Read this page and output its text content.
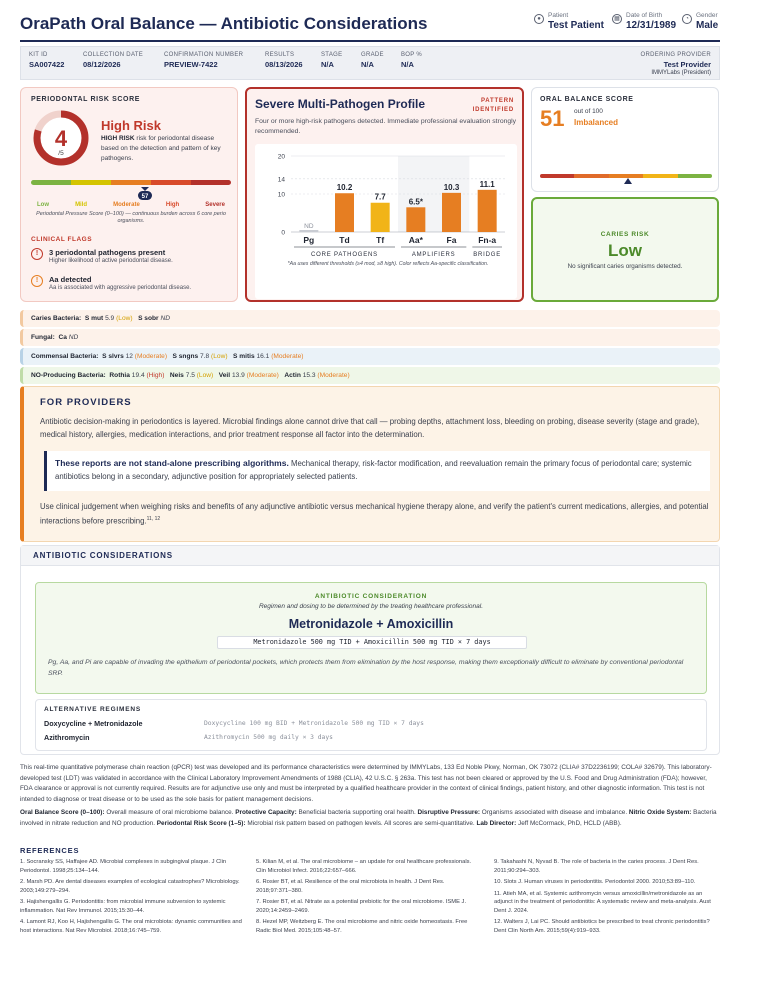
OraPath Oral Balance — Antibiotic Considerations	●	Patient
Test Patient
▦ Date of Birth
12/31/1989
◔	Gender
Male
KIT ID
SA007422
COLLECTION DATE
08/12/2026
CONFIRMATION NUMBER
PREVIEW-7422
RESULTS
08/13/2026
STAGE
N/A
GRADE
N/A
BOP %
N/A
ORDERING PROVIDER
Test Provider
IMMYLabs (President)
PERIODONTAL RISK SCORE
4
/5
High Risk
HIGH RISK risk for periodontal disease based on the detection and pattern of key pathogens.
57
Low	Mild	Moderate	High	Severe
Periodontal Pressure Score (0–100) — continuous burden across 6 core perio organisms.
CLINICAL FLAGS
!	3 periodontal pathogens present
Higher likelihood of active periodontal disease.
!	Aa detected
Aa is associated with aggressive periodontal disease.
Severe Multi-Pathogen Profile	PATTERN
IDENTIFIED
Four or more high-risk pathogens detected. Immediate professional evaluation strongly recommended.
0
10
14
20
ND
Pg
10.2
Td
7.7
Tf
6.5*
Aa*
10.3
Fa
11.1
Fn-a
CORE PATHOGENS	AMPLIFIERS	BRIDGE
*Aa uses different thresholds (≥4 mod, ≥8 high). Color reflects Aa-specific classification.
ORAL BALANCE SCORE
51 out of 100
Imbalanced
CARIES RISK
Low
No significant caries organisms detected.
Caries Bacteria: S mut 5.9 (Low) S sobr ND
Fungal: Ca ND
Commensal Bacteria: S slvrs 12 (Moderate) S sngns 7.8 (Low) S mitis 16.1 (Moderate)
NO-Producing Bacteria: Rothia 19.4 (High) Neis 7.5 (Low) Veil 13.9 (Moderate) Actin 15.3 (Moderate)
FOR PROVIDERS
Antibiotic decision-making in periodontics is layered. Microbial findings alone cannot drive that call — probing depths, attachment loss, bleeding on probing, disease severity (stage and grade), medical history, allergies, medication interactions, and prior treatment response all factor into the determination.
These reports are not stand-alone prescribing algorithms. Mechanical therapy, risk-factor modification, and reevaluation remain the primary focus of periodontal care; systemic antibiotics belong in a secondary, adjunctive position for appropriately selected patients.
Use clinical judgement when weighing risks and benefits of any adjunctive antibiotic versus mechanical hygiene therapy alone, and verify the patient's current medications, allergies, and potential interactions before prescribing.$^{11, 12}$
ANTIBIOTIC CONSIDERATIONS
ANTIBIOTIC CONSIDERATION
Regimen and dosing to be determined by the treating healthcare professional.
Metronidazole + Amoxicillin
Metronidazole 500 mg TID + Amoxicillin 500 mg TID × 7 days
Pg, Aa, and Pi are capable of invading the epithelium of periodontal pockets, which protects them from elimination by the host response, making them exceptionally difficult to eliminate by conventional periodontal SRP.
ALTERNATIVE REGIMENS
Doxycycline + Metronidazole	Doxycycline 100 mg BID + Metronidazole 500 mg TID × 7 days
Azithromycin	Azithromycin 500 mg daily × 3 days
This real-time quantitative polymerase chain reaction (qPCR) test was developed and its performance characteristics were determined by IMMYLabs, 133 Ed Noble Pkwy, Norman, OK 73072 (CLIA# 37D2236199; COLA# 32679). This laboratory-developed test (LDT) was validated in accordance with the Clinical Laboratory Improvement Amendments of 1988 (CLIA), 42 U.S.C. § 263a. This test has not been cleared or approved by the U.S. Food and Drug Administration (FDA); however, FDA clearance or approval is not currently required. Results are for adjunctive use only and must be interpreted by a qualified healthcare provider in the context of clinical findings, patient history, and other diagnostic information. This test is not intended to diagnose or treat disease or to be used as the sole basis for patient management decisions.
Oral Balance Score (0–100): Overall measure of oral microbiome balance. Protective Capacity: Beneficial bacteria supporting oral health. Disruptive Pressure: Organisms associated with disease and imbalance. Nitric Oxide System: Bacteria involved in nitrate reduction and NO production. Periodontal Risk Score (1–5): Microbial risk pattern based on pathogen levels. All scores are semi-quantitative. Lab Director: Jeff McCormack, PhD, HCLD (ABB).
REFERENCES
1. Socransky SS, Haffajee AD. Microbial complexes in subgingival plaque. J Clin Periodontol. 1998;25:134–144.
2. Marsh PD. Are dental diseases examples of ecological catastrophes? Microbiology. 2003;149:279–294.
3. Hajishengallis G. Periodontitis: from microbial immune subversion to systemic inflammation. Nat Rev Immunol. 2015;15:30–44.
4. Lamont RJ, Koo H, Hajishengallis G. The oral microbiota: dynamic communities and host interactions. Nat Rev Microbiol. 2018;16:745–759.
5. Kilian M, et al. The oral microbiome – an update for oral healthcare professionals. Clin Microbiol Infect. 2016;22:657–666.
6. Rosier BT, et al. Resilience of the oral microbiota in health. J Dent Res. 2018;97:371–380.
7. Rosier BT, et al. Nitrate as a potential prebiotic for the oral microbiome. ISME J. 2020;14:2459–2469.
8. Hezel MP, Weitzberg E. The oral microbiome and nitric oxide homeostasis. Free Radic Biol Med. 2015;105:48–57.
9. Takahashi N, Nyvad B. The role of bacteria in the caries process. J Dent Res. 2011;90:294–303.
10. Slots J. Human viruses in periodontitis. Periodontol 2000. 2010;53:89–110.
11. Atieh MA, et al. Systemic azithromycin versus amoxicillin/metronidazole as an adjunct in the treatment of periodontitis: A systematic review and meta-analysis. Aust Dent J. 2024.
12. Walters J, Lai PC. Should antibiotics be prescribed to treat chronic periodontitis? Dent Clin North Am. 2015;59(4):919–933.
